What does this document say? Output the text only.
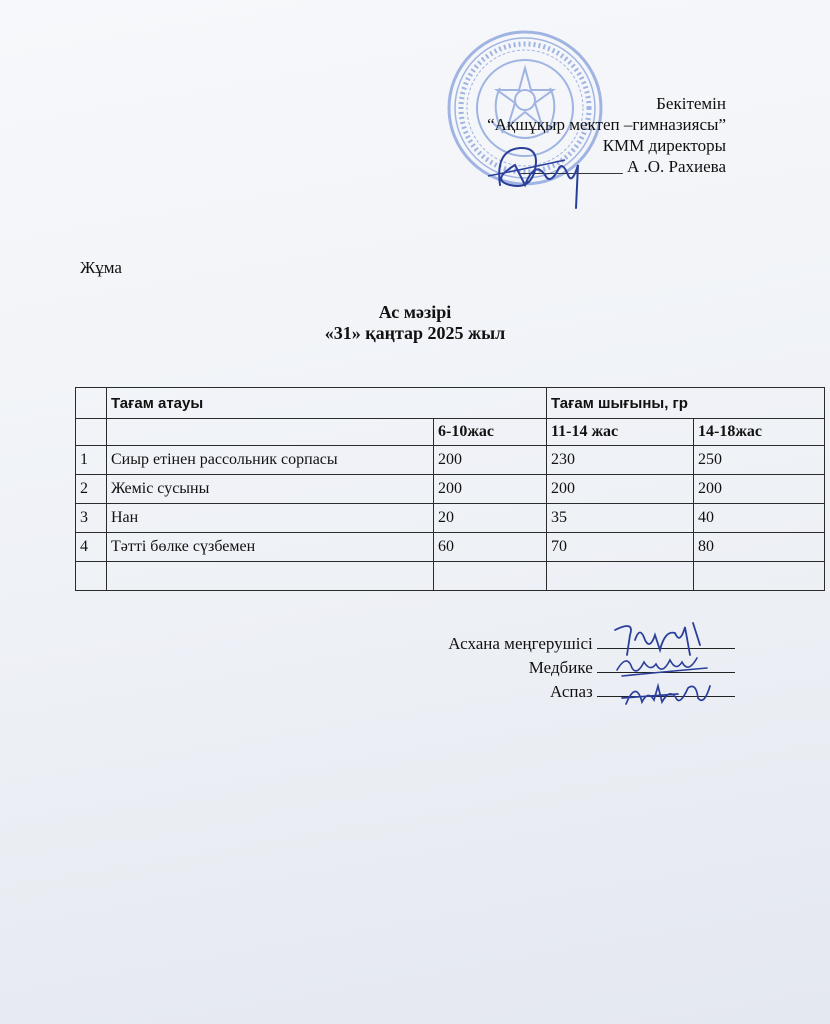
Бекітемін
“Ақшұқыр мектеп –гимназиясы”
КММ директоры
____________ А .О. Рахиева
Жұма
Ас мәзірі
«31» қаңтар 2025 жыл
	Тағам атауы		Тағам шығыны, гр	
		6-10жас	11-14 жас	14-18жас
1	Сиыр етінен рассольник сорпасы	200	230	250
2	Жеміс сусыны	200	200	200
3	Нан	20	35	40
4	Тәтті бөлке сүзбемен	60	70	80

Асхана меңгерушісі
Медбике
Аспаз
